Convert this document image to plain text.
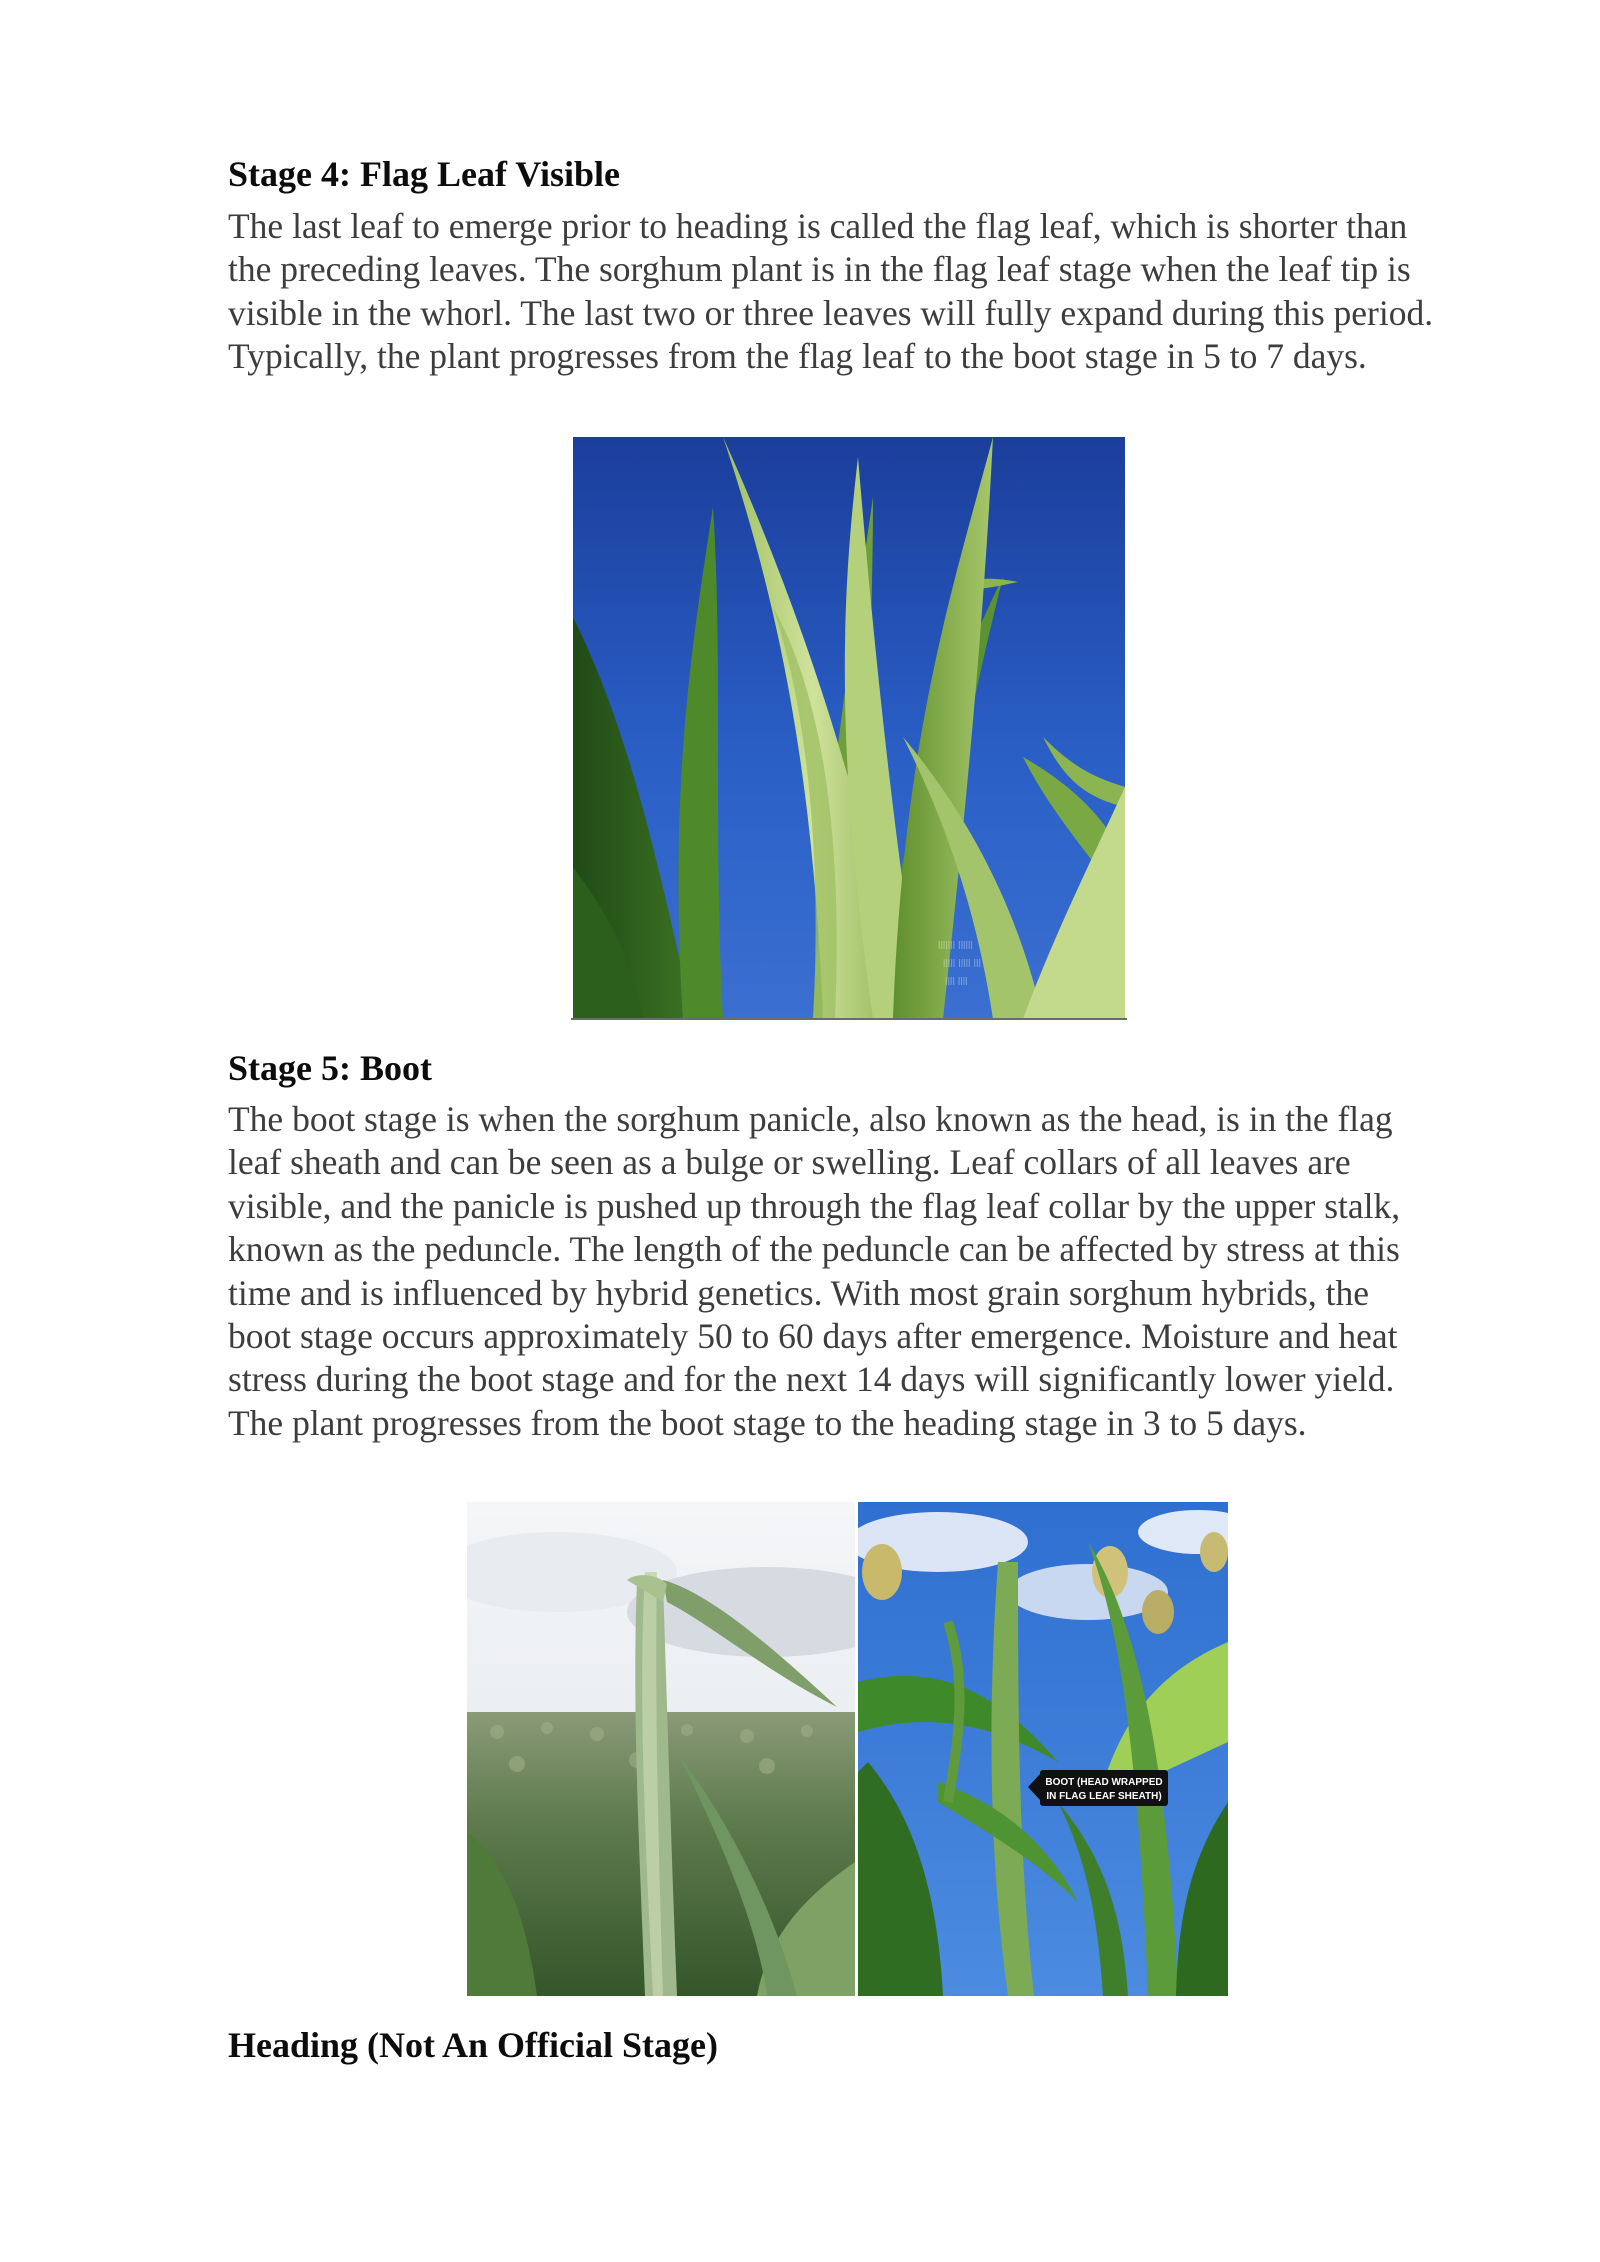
Stage 4: Flag Leaf Visible

The last leaf to emerge prior to heading is called the flag leaf, which is shorter than
the preceding leaves. The sorghum plant is in the flag leaf stage when the leaf tip is
visible in the whorl. The last two or three leaves will fully expand during this period.
Typically, the plant progresses from the flag leaf to the boot stage in 5 to 7 days.

lllllll llllll
lllll lllll lll
llll llll
Stage 5: Boot

The boot stage is when the sorghum panicle, also known as the head, is in the flag
leaf sheath and can be seen as a bulge or swelling. Leaf collars of all leaves are
visible, and the panicle is pushed up through the flag leaf collar by the upper stalk,
known as the peduncle. The length of the peduncle can be affected by stress at this
time and is influenced by hybrid genetics. With most grain sorghum hybrids, the
boot stage occurs approximately 50 to 60 days after emergence. Moisture and heat
stress during the boot stage and for the next 14 days will significantly lower yield.
The plant progresses from the boot stage to the heading stage in 3 to 5 days.

BOOT (HEAD WRAPPED
IN FLAG LEAF SHEATH)
Heading (Not An Official Stage)
